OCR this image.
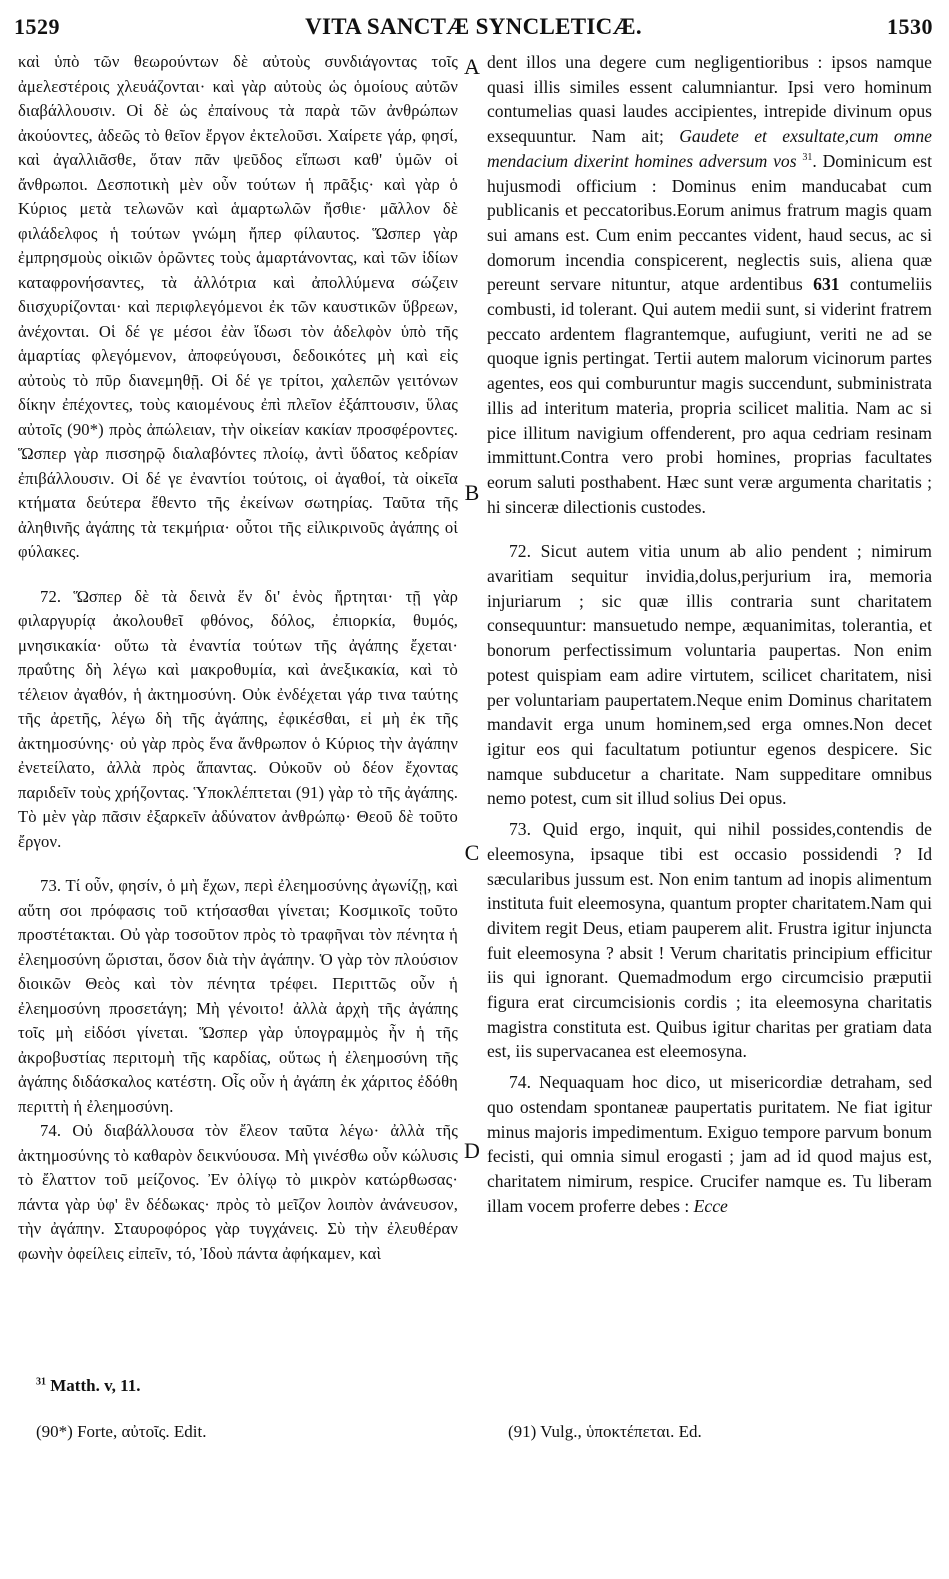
1529	VITA SANCTÆ SYNCLETICÆ.	1530

καὶ ὑπὸ τῶν θεωρούντων δὲ αὐτοὺς συνδιάγοντας τοῖς ἀμελεστέροις χλευάζονται· καὶ γὰρ αὐτοὺς ὡς ὁμοίους αὐτῶν διαβάλλουσιν. Οἱ δὲ ὡς ἐπαίνους τὰ παρὰ τῶν ἀνθρώπων ἀκούοντες, ἀδεῶς τὸ θεῖον ἔργον ἐκτελοῦσι. Χαίρετε γάρ, φησί, καὶ ἀγαλλιᾶσθε, ὅταν πᾶν ψεῦδος εἴπωσι καθ' ὑμῶν οἱ ἄνθρωποι. Δεσποτικὴ μὲν οὖν τούτων ἡ πρᾶξις· καὶ γὰρ ὁ Κύριος μετὰ τελωνῶν καὶ ἁμαρτωλῶν ἤσθιε· μᾶλλον δὲ φιλάδελφος ἡ τούτων γνώμη ἤπερ φίλαυτος. Ὥσπερ γὰρ ἐμπρησμοὺς οἰκιῶν ὁρῶντες τοὺς ἁμαρτάνοντας, καὶ τῶν ἰδίων καταφρονήσαντες, τὰ ἀλλότρια καὶ ἀπολλύμενα σώζειν διισχυρίζονται· καὶ περιφλεγόμενοι ἐκ τῶν καυστικῶν ὕβρεων, ἀνέχονται. Οἱ δέ γε μέσοι ἐὰν ἴδωσι τὸν ἀδελφὸν ὑπὸ τῆς ἁμαρτίας φλεγόμενον, ἀποφεύγουσι, δεδοικότες μὴ καὶ εἰς αὐτοὺς τὸ πῦρ διανεμηθῇ. Οἱ δέ γε τρίτοι, χαλεπῶν γειτόνων δίκην ἐπέχοντες, τοὺς καιομένους ἐπὶ πλεῖον ἐξάπτουσιν, ὕλας αὐτοῖς (90*) πρὸς ἀπώλειαν, τὴν οἰκείαν κακίαν προσφέροντες. Ὥσπερ γὰρ πισσηρῷ διαλαβόντες πλοίῳ, ἀντὶ ὕδατος κεδρίαν ἐπιβάλλουσιν. Οἱ δέ γε ἐναντίοι τούτοις, οἱ ἀγαθοί, τὰ οἰκεῖα κτήματα δεύτερα ἔθεντο τῆς ἐκείνων σωτηρίας. Ταῦτα τῆς ἀληθινῆς ἀγάπης τὰ τεκμήρια· οὗτοι τῆς εἰλικρινοῦς ἀγάπης οἱ φύλακες.

72. Ὥσπερ δὲ τὰ δεινὰ ἕν δι' ἑνὸς ἤρτηται· τῇ γὰρ φιλαργυρίᾳ ἀκολουθεῖ φθόνος, δόλος, ἐπιορκία, θυμός, μνησικακία· οὕτω τὰ ἐναντία τούτων τῆς ἀγάπης ἔχεται· πραΰτης δὴ λέγω καὶ μακροθυμία, καὶ ἀνεξικακία, καὶ τὸ τέλειον ἀγαθόν, ἡ ἀκτημοσύνη. Οὐκ ἐνδέχεται γάρ τινα ταύτης τῆς ἀρετῆς, λέγω δὴ τῆς ἀγάπης, ἐφικέσθαι, εἰ μὴ ἐκ τῆς ἀκτημοσύνης· οὐ γὰρ πρὸς ἕνα ἄνθρωπον ὁ Κύριος τὴν ἀγάπην ἐνετείλατο, ἀλλὰ πρὸς ἅπαντας. Οὐκοῦν οὐ δέον ἔχοντας παριδεῖν τοὺς χρήζοντας. Ὑποκλέπτεται (91) γὰρ τὸ τῆς ἀγάπης. Τὸ μὲν γὰρ πᾶσιν ἐξαρκεῖν ἀδύνατον ἀνθρώπῳ· Θεοῦ δὲ τοῦτο ἔργον.

73. Τί οὖν, φησίν, ὁ μὴ ἔχων, περὶ ἐλεημοσύνης ἀγωνίζῃ, καὶ αὕτη σοι πρόφασις τοῦ κτήσασθαι γίνεται; Κοσμικοῖς τοῦτο προστέτακται. Οὐ γὰρ τοσοῦτον πρὸς τὸ τραφῆναι τὸν πένητα ἡ ἐλεημοσύνη ὥρισται, ὅσον διὰ τὴν ἀγάπην. Ὁ γὰρ τὸν πλούσιον διοικῶν Θεὸς καὶ τὸν πένητα τρέφει. Περιττῶς οὖν ἡ ἐλεημοσύνη προσετάγη; Μὴ γένοιτο! ἀλλὰ ἀρχὴ τῆς ἀγάπης τοῖς μὴ εἰδόσι γίνεται. Ὥσπερ γὰρ ὑπογραμμὸς ἦν ἡ τῆς ἀκροβυστίας περιτομὴ τῆς καρδίας, οὕτως ἡ ἐλεημοσύνη τῆς ἀγάπης διδάσκαλος κατέστη. Οἷς οὖν ἡ ἀγάπη ἐκ χάριτος ἐδόθη περιττὴ ἡ ἐλεημοσύνη.

74. Οὐ διαβάλλουσα τὸν ἔλεον ταῦτα λέγω· ἀλλὰ τῆς ἀκτημοσύνης τὸ καθαρὸν δεικνύουσα. Μὴ γινέσθω οὖν κώλυσις τὸ ἔλαττον τοῦ μείζονος. Ἐν ὀλίγῳ τὸ μικρὸν κατώρθωσας· πάντα γὰρ ὑφ' ἓν δέδωκας· πρὸς τὸ μεῖζον λοιπὸν ἀνάνευσον, τὴν ἀγάπην. Σταυροφόρος γὰρ τυγχάνεις. Σὺ τὴν ἐλευθέραν φωνὴν ὀφείλεις εἰπεῖν, τό, Ἰδοὺ πάντα ἀφήκαμεν, καὶ

A
B
C
D

dent illos una degere cum negligentioribus : ipsos namque quasi illis similes essent calumniantur. Ipsi vero hominum contumelias quasi laudes accipientes, intrepide divinum opus exsequuntur. Nam ait; Gaudete et exsultate,cum omne mendacium dixerint homines adversum vos $^{31}$. Dominicum est hujusmodi officium : Dominus enim manducabat cum publicanis et peccatoribus.Eorum animus fratrum magis quam sui amans est. Cum enim peccantes vident, haud secus, ac si domorum incendia conspicerent, neglectis suis, aliena quæ pereunt servare nituntur, atque ardentibus 631 contumeliis combusti, id tolerant. Qui autem medii sunt, si viderint fratrem peccato ardentem flagrantemque, aufugiunt, veriti ne ad se quoque ignis pertingat. Tertii autem malorum vicinorum partes agentes, eos qui comburuntur magis succendunt, subministrata illis ad interitum materia, propria scilicet malitia. Nam ac si pice illitum navigium offenderent, pro aqua cedriam resinam immittunt.Contra vero probi homines, proprias facultates eorum saluti posthabent. Hæc sunt veræ argumenta charitatis ; hi sinceræ dilectionis custodes.

72. Sicut autem vitia unum ab alio pendent ; nimirum avaritiam sequitur invidia,dolus,perjurium ira, memoria injuriarum ; sic quæ illis contraria sunt charitatem consequuntur: mansuetudo nempe, æquanimitas, tolerantia, et bonorum perfectissimum voluntaria paupertas. Non enim potest quispiam eam adire virtutem, scilicet charitatem, nisi per voluntariam paupertatem.Neque enim Dominus charitatem mandavit erga unum hominem,sed erga omnes.Non decet igitur eos qui facultatum potiuntur egenos despicere. Sic namque subducetur a charitate. Nam suppeditare omnibus nemo potest, cum sit illud solius Dei opus.

73. Quid ergo, inquit, qui nihil possides,contendis de eleemosyna, ipsaque tibi est occasio possidendi ? Id sæcularibus jussum est. Non enim tantum ad inopis alimentum instituta fuit eleemosyna, quantum propter charitatem.Nam qui divitem regit Deus, etiam pauperem alit. Frustra igitur injuncta fuit eleemosyna ? absit ! Verum charitatis principium efficitur iis qui ignorant. Quemadmodum ergo circumcisio præputii figura erat circumcisionis cordis ; ita eleemosyna charitatis magistra constituta est. Quibus igitur charitas per gratiam data est, iis supervacanea est eleemosyna.

74. Nequaquam hoc dico, ut misericordiæ detraham, sed quo ostendam spontaneæ paupertatis puritatem. Ne fiat igitur minus majoris impedimentum. Exiguo tempore parvum bonum fecisti, qui omnia simul erogasti ; jam ad id quod majus est, charitatem nimirum, respice. Crucifer namque es. Tu liberam illam vocem proferre debes : Ecce

$^{31}$ Matth. v, 11.
(90*) Forte, αὐτοῖς. Edit.	(91) Vulg., ὑποκτέπεται. Ed.
